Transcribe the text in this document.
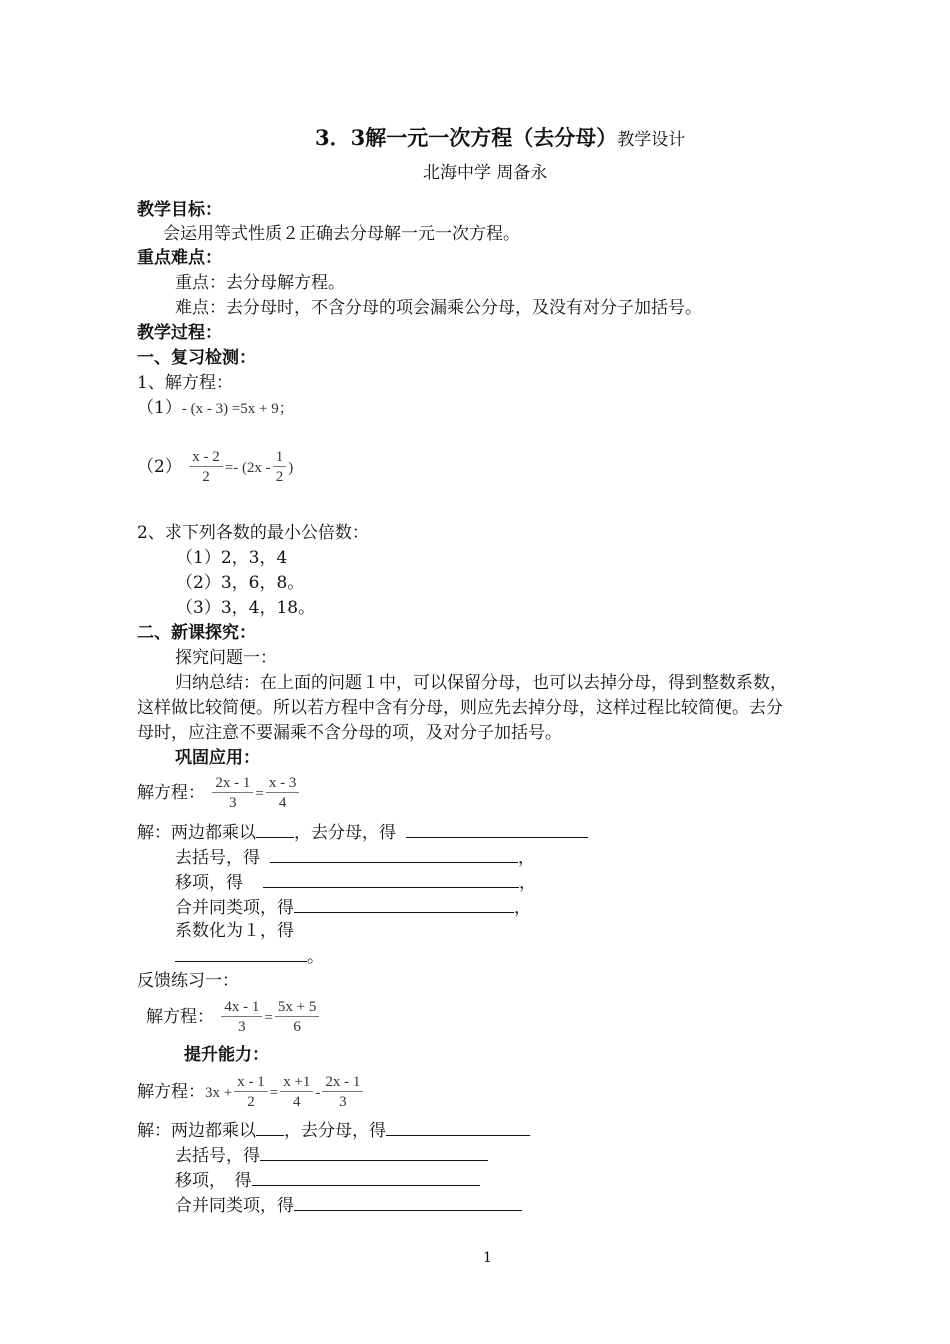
3．3解一元一次方程（去分母）教学设计
北海中学 周备永
教学目标：
会运用等式性质２正确去分母解一元一次方程。
重点难点：
重点：去分母解方程。
难点：去分母时，不含分母的项会漏乘公分母，及没有对分子加括号。
教学过程：
一、复习检测：
1、解方程：
（1）- (x - 3) =5x + 9；
$(2) \frac{x - 2}{2} =- (2x - \frac{1}{2}$ )
2、求下列各数的最小公倍数：
（1）2，3，4
（2）3，6，8。
（3）3，4，18。
二、新课探究：
探究问题一：
归纳总结：在上面的问题１中，可以保留分母，也可以去掉分母，得到整数系数，
这样做比较简便。所以若方程中含有分母，则应先去掉分母，这样过程比较简便。去分
母时，应注意不要漏乘不含分母的项，及对分子加括号。
巩固应用：
解方程： $\frac{2x - 1}{3} = \frac{x - 3}{4}$
解：两边都乘以 ，去分母，得
去括号，得	，
移项，得	，
合并同类项，得	，
系数化为１，得
。
反馈练习一：
解方程： $\frac{4x - 1}{3} = \frac{5x + 5}{6}$
提升能力：
解方程：$3x + \frac{x - 1}{2} = \frac{x +1}{4} - \frac{2x - 1}{3}$
解：两边都乘以 ，去分母，得
去括号，得
移项，　得
合并同类项，得
1
